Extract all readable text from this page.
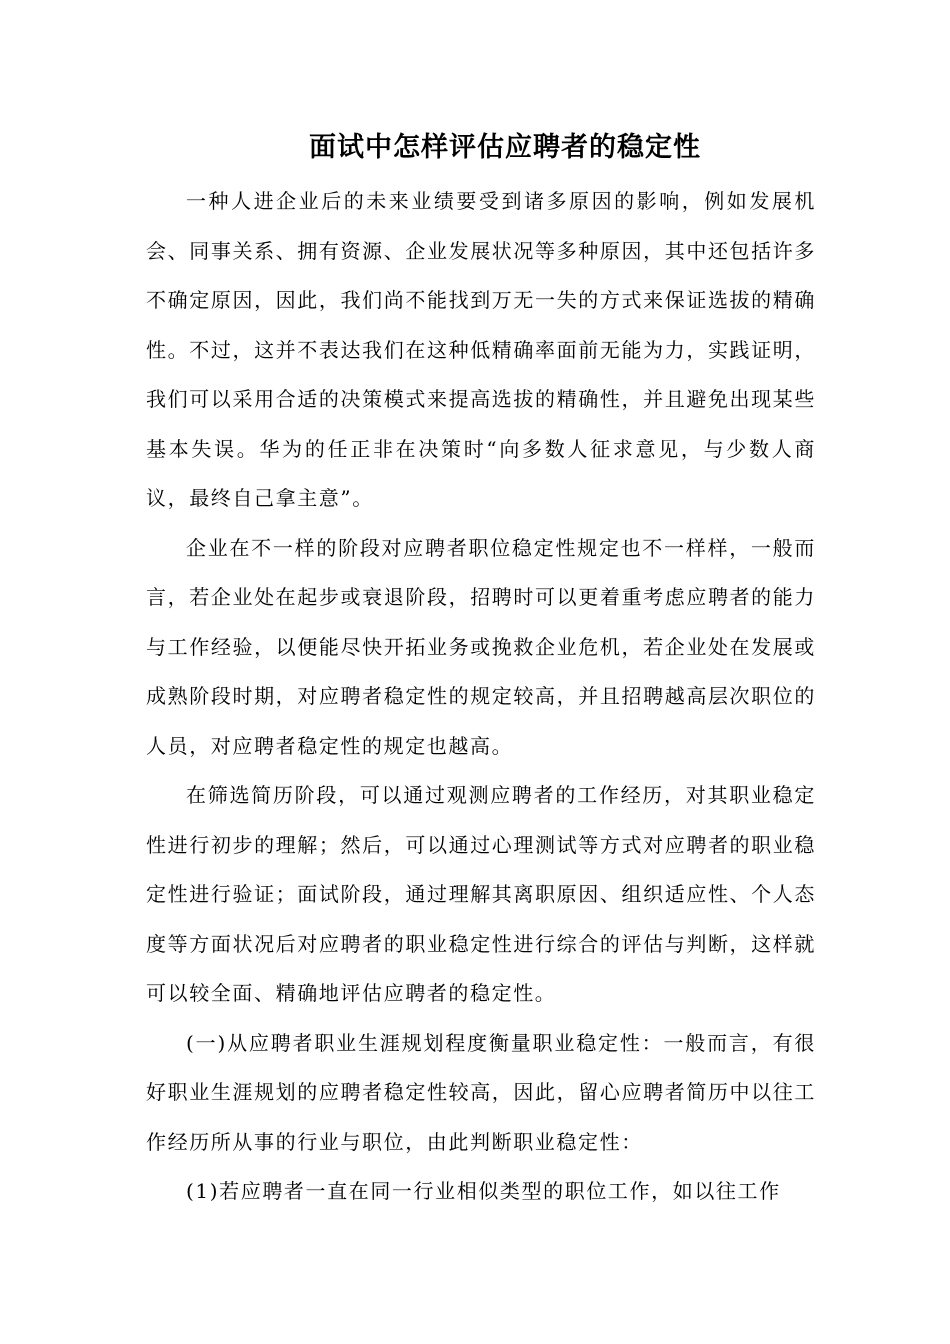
面试中怎样评估应聘者的稳定性

一种人进企业后的未来业绩要受到诸多原因的影响，例如发展机会、同事关系、拥有资源、企业发展状况等多种原因，其中还包括许多不确定原因，因此，我们尚不能找到万无一失的方式来保证选拔的精确性。不过，这并不表达我们在这种低精确率面前无能为力，实践证明，我们可以采用合适的决策模式来提高选拔的精确性，并且避免出现某些基本失误。华为的任正非在决策时“向多数人征求意见，与少数人商议，最终自己拿主意”。

企业在不一样的阶段对应聘者职位稳定性规定也不一样样，一般而言，若企业处在起步或衰退阶段，招聘时可以更着重考虑应聘者的能力与工作经验，以便能尽快开拓业务或挽救企业危机，若企业处在发展或成熟阶段时期，对应聘者稳定性的规定较高，并且招聘越高层次职位的人员，对应聘者稳定性的规定也越高。

在筛选简历阶段，可以通过观测应聘者的工作经历，对其职业稳定性进行初步的理解；然后，可以通过心理测试等方式对应聘者的职业稳定性进行验证；面试阶段，通过理解其离职原因、组织适应性、个人态度等方面状况后对应聘者的职业稳定性进行综合的评估与判断，这样就可以较全面、精确地评估应聘者的稳定性。

(一)从应聘者职业生涯规划程度衡量职业稳定性：一般而言，有很好职业生涯规划的应聘者稳定性较高，因此，留心应聘者简历中以往工作经历所从事的行业与职位，由此判断职业稳定性：

(1)若应聘者一直在同一行业相似类型的职位工作，如以往工作
